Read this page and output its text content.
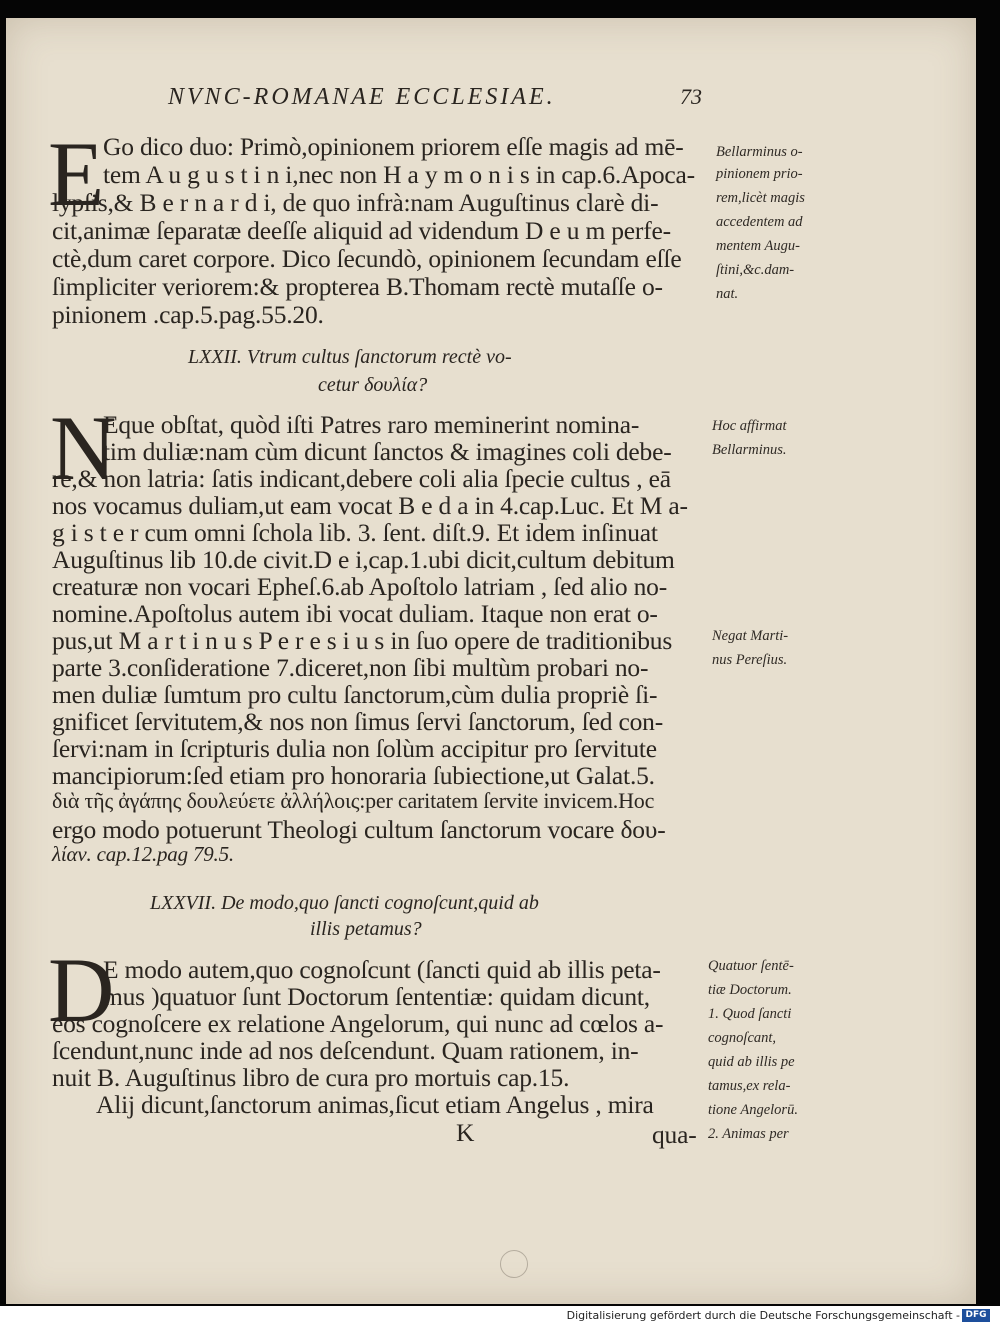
NVNC-ROMANAE ECCLESIAE.	73
E
Go dico duo: Primò,opinionem priorem eſſe magis ad mē-
tem A u g u s t i n i,nec non H a y m o n i s in cap.6.Apoca-
lypſis,& B e r n a r d i, de quo infrà:nam Auguſtinus clarè di-
cit,animæ ſeparatæ deeſſe aliquid ad videndum D e u m perfe-
ctè,dum caret corpore. Dico ſecundò, opinionem ſecundam eſſe
ſimpliciter veriorem:& propterea B.Thomam rectè mutaſſe o-
pinionem .cap.5.pag.55.20.
Bellarminus o-
pinionem prio-
rem,licèt magis
accedentem ad
mentem Augu-
ſtini,&c.dam-
nat.
LXXII. Vtrum cultus ſanctorum rectè vo-
cetur δουλία?
N
Eque obſtat, quòd iſti Patres raro meminerint nomina-
tim duliæ:nam cùm dicunt ſanctos & imagines coli debe-
re,& non latria: ſatis indicant,debere coli alia ſpecie cultus , eā
nos vocamus duliam,ut eam vocat B e d a in 4.cap.Luc. Et M a-
g i s t e r cum omni ſchola lib. 3. ſent. diſt.9. Et idem inſinuat
Auguſtinus lib 10.de civit.D e i,cap.1.ubi dicit,cultum debitum
creaturæ non vocari Epheſ.6.ab Apoſtolo latriam , ſed alio no-
nomine.Apoſtolus autem ibi vocat duliam. Itaque non erat o-
pus,ut M a r t i n u s P e r e s i u s in ſuo opere de traditionibus
parte 3.conſideratione 7.diceret,non ſibi multùm probari no-
men duliæ ſumtum pro cultu ſanctorum,cùm dulia propriè ſi-
gnificet ſervitutem,& nos non ſimus ſervi ſanctorum, ſed con-
ſervi:nam in ſcripturis dulia non ſolùm accipitur pro ſervitute
mancipiorum:ſed etiam pro honoraria ſubiectione,ut Galat.5.
διὰ τῆς ἀγάπης δουλεύετε ἀλλήλοις:per caritatem ſervite invicem.Hoc
ergo modo potuerunt Theologi cultum ſanctorum vocare δου-
λίαν. cap.12.pag 79.5.
Hoc affirmat
Bellarminus.
Negat Marti-
nus Pereſius.
LXXVII. De modo,quo ſancti cognoſcunt,quid ab
illis petamus?
D
E modo autem,quo cognoſcunt (ſancti quid ab illis peta-
mus )quatuor ſunt Doctorum ſententiæ: quidam dicunt,
eos cognoſcere ex relatione Angelorum, qui nunc ad cœlos a-
ſcendunt,nunc inde ad nos deſcendunt. Quam rationem, in-
nuit B. Auguſtinus libro de cura pro mortuis cap.15.
Alij dicunt,ſanctorum animas,ſicut etiam Angelus , mira
Quatuor ſentē-
tiæ Doctorum.
1. Quod ſancti
cognoſcant,
quid ab illis pe
tamus,ex rela-
tione Angelorū.
2. Animas per
K	qua-
Digitalisierung gefördert durch die Deutsche Forschungsgemeinschaft - DFG
